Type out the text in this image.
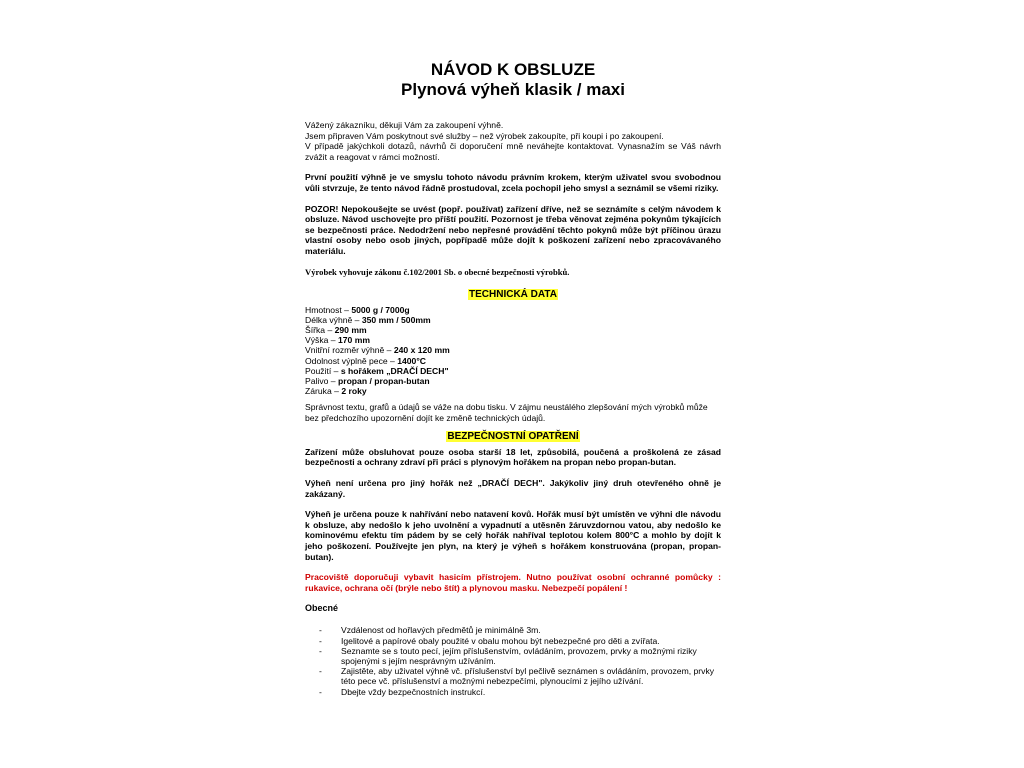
NÁVOD K OBSLUZE
Plynová výheň klasik / maxi
Vážený zákazníku, děkuji Vám za zakoupení výhně.
Jsem připraven Vám poskytnout své služby – než výrobek zakoupíte, při koupi i po zakoupení.
V případě jakýchkoli dotazů, návrhů či doporučení mně neváhejte kontaktovat. Vynasnažím se Váš návrh zvážit a reagovat v rámci možností.
První použití výhně je ve smyslu tohoto návodu právním krokem, kterým uživatel svou svobodnou vůli stvrzuje, že tento návod řádně prostudoval, zcela pochopil jeho smysl a seznámil se všemi riziky.
POZOR! Nepokoušejte se uvést (popř. používat) zařízení dříve, než se seznámíte s celým návodem k obsluze. Návod uschovejte pro příští použití. Pozornost je třeba věnovat zejména pokynům týkajících se bezpečnosti práce. Nedodržení nebo nepřesné provádění těchto pokynů může být příčinou úrazu vlastní osoby nebo osob jiných, popřípadě může dojít k poškození zařízení nebo zpracovávaného materiálu.
Výrobek vyhovuje zákonu č.102/2001 Sb. o obecné bezpečnosti výrobků.
TECHNICKÁ DATA
Hmotnost – 5000 g / 7000g
Délka výhně – 350 mm / 500mm
Šířka – 290 mm
Výška – 170 mm
Vnitřní rozměr výhně – 240 x 120 mm
Odolnost výplně pece – 1400°C
Použití – s hořákem „DRAČÍ DECH"
Palivo – propan / propan-butan
Záruka – 2 roky
Správnost textu, grafů a údajů se váže na dobu tisku. V zájmu neustálého zlepšování mých výrobků může bez předchozího upozornění dojít ke změně technických údajů.
BEZPEČNOSTNÍ OPATŘENÍ
Zařízení může obsluhovat pouze osoba starší 18 let, způsobilá, poučená a proškolená ze zásad bezpečnosti a ochrany zdraví při práci s plynovým hořákem na propan nebo propan-butan.
Výheň není určena pro jiný hořák než „DRAČÍ DECH". Jakýkoliv jiný druh otevřeného ohně je zakázaný.
Výheň je určena pouze k nahřívání nebo natavení kovů. Hořák musí být umístěn ve výhni dle návodu k obsluze, aby nedošlo k jeho uvolnění a vypadnutí a utěsněn žáruvzdornou vatou, aby nedošlo ke kominovému efektu tím pádem by se celý hořák nahříval teplotou kolem 800°C a mohlo by dojít k jeho poškození. Používejte jen plyn, na který je výheň s hořákem konstruována (propan, propan-butan).
Pracoviště doporučuji vybavit hasicím přístrojem. Nutno používat osobní ochranné pomůcky : rukavice, ochrana očí (brýle nebo štít) a plynovou masku. Nebezpečí popálení !
Obecné
- Vzdálenost od hořlavých předmětů je minimálně 3m.
- Igelitové a papírové obaly použité v obalu mohou být nebezpečné pro děti a zvířata.
- Seznamte se s touto pecí, jejím příslušenstvím, ovládáním, provozem, prvky a možnými riziky spojenými s jejím nesprávným užíváním.
- Zajistěte, aby uživatel výhně vč. příslušenství byl pečlivě seznámen s ovládáním, provozem, prvky této pece vč. příslušenství a možnými nebezpečími, plynoucími z jejího užívání.
- Dbejte vždy bezpečnostních instrukcí.
